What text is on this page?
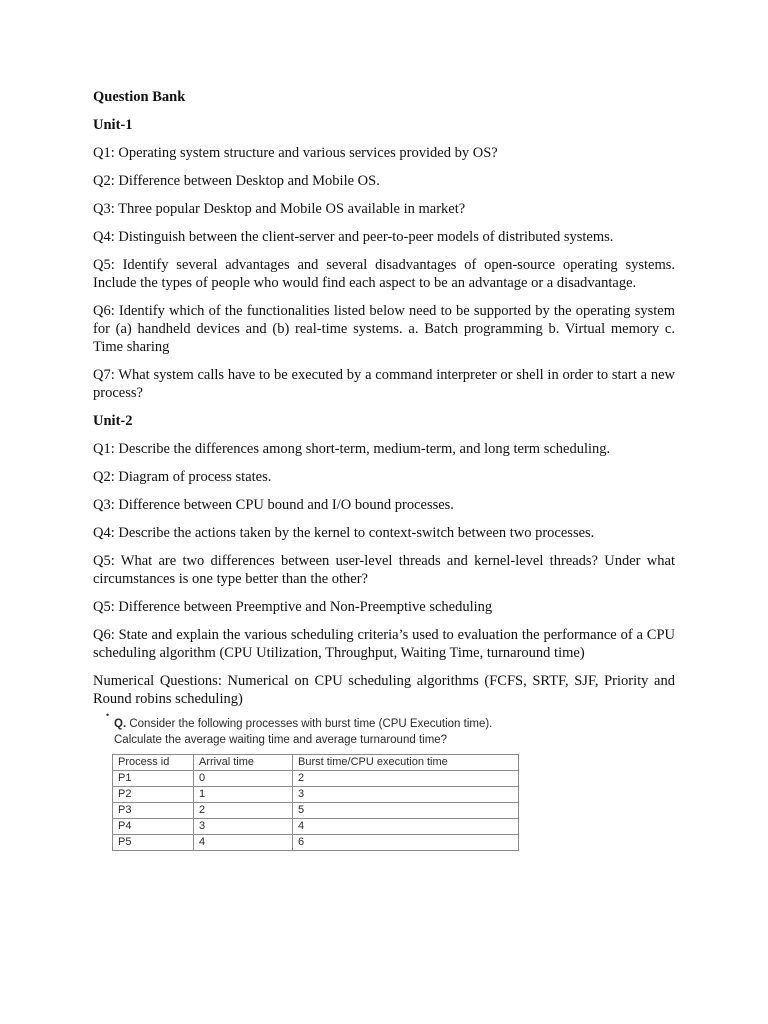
Question Bank
Unit-1
Q1: Operating system structure and various services provided by OS?
Q2: Difference between Desktop and Mobile OS.
Q3: Three popular Desktop and Mobile OS available in market?
Q4: Distinguish between the client-server and peer-to-peer models of distributed systems.
Q5: Identify several advantages and several disadvantages of open-source operating systems. Include the types of people who would find each aspect to be an advantage or a disadvantage.
Q6: Identify which of the functionalities listed below need to be supported by the operating system for (a) handheld devices and (b) real-time systems. a. Batch programming b. Virtual memory c. Time sharing
Q7: What system calls have to be executed by a command interpreter or shell in order to start a new process?
Unit-2
Q1: Describe the differences among short-term, medium-term, and long term scheduling.
Q2: Diagram of process states.
Q3: Difference between CPU bound and I/O bound processes.
Q4: Describe the actions taken by the kernel to context-switch between two processes.
Q5: What are two differences between user-level threads and kernel-level threads? Under what circumstances is one type better than the other?
Q5: Difference between Preemptive and Non-Preemptive scheduling
Q6: State and explain the various scheduling criteria’s used to evaluation the performance of a CPU scheduling algorithm (CPU Utilization, Throughput, Waiting Time, turnaround time)
Numerical Questions: Numerical on CPU scheduling algorithms (FCFS, SRTF, SJF, Priority and Round robins scheduling)
•
Q. Consider the following processes with burst time (CPU Execution time). Calculate the average waiting time and average turnaround time?
Process id	Arrival time	Burst time/CPU execution time
P1	0	2
P2	1	3
P3	2	5
P4	3	4
P5	4	6
